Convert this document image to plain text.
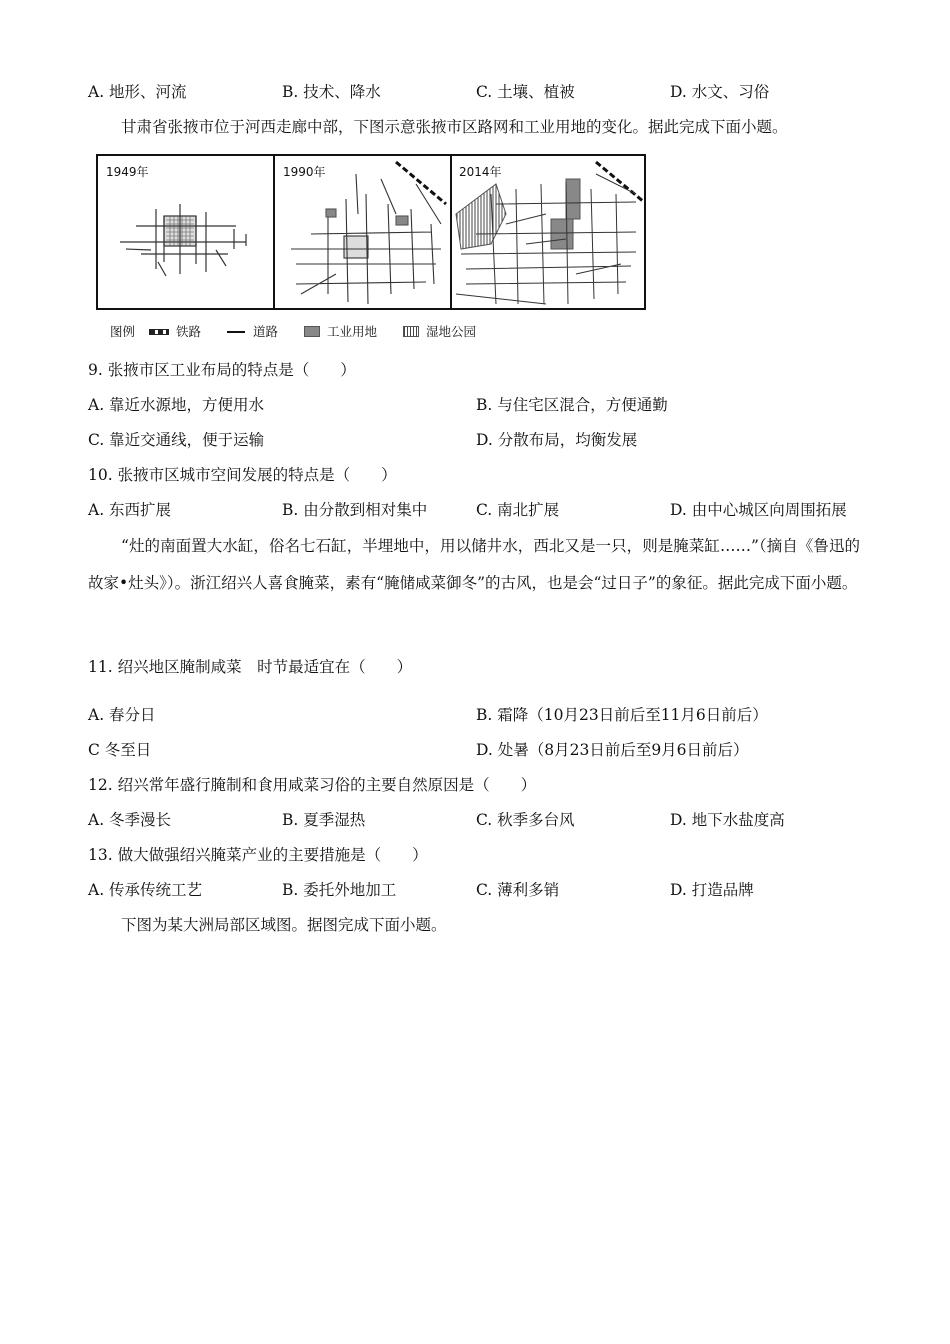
A. 地形、河流	B. 技术、降水	C. 土壤、植被	D. 水文、习俗
甘肃省张掖市位于河西走廊中部，下图示意张掖市区路网和工业用地的变化。据此完成下面小题。
1949年	1990年	2014年
图例	铁路	道路	工业用地	湿地公园
9. 张掖市区工业布局的特点是（　　）
A. 靠近水源地，方便用水	B. 与住宅区混合，方便通勤
C. 靠近交通线，便于运输	D. 分散布局，均衡发展
10. 张掖市区城市空间发展的特点是（　　）
A. 东西扩展	B. 由分散到相对集中	C. 南北扩展	D. 由中心城区向周围拓展
“灶的南面置大水缸，俗名七石缸，半埋地中，用以储井水，西北又是一只，则是腌菜缸……”（摘自《鲁迅的故家•灶头》）。浙江绍兴人喜食腌菜，素有“腌储咸菜御冬”的古风，也是会“过日子”的象征。据此完成下面小题。
11. 绍兴地区腌制咸菜　时节最适宜在（　　）
A. 春分日	B. 霜降（10月23日前后至11月6日前后）
C 冬至日	D. 处暑（8月23日前后至9月6日前后）
12. 绍兴常年盛行腌制和食用咸菜习俗的主要自然原因是（　　）
A. 冬季漫长	B. 夏季湿热	C. 秋季多台风	D. 地下水盐度高
13. 做大做强绍兴腌菜产业的主要措施是（　　）
A. 传承传统工艺	B. 委托外地加工	C. 薄利多销	D. 打造品牌
下图为某大洲局部区域图。据图完成下面小题。
